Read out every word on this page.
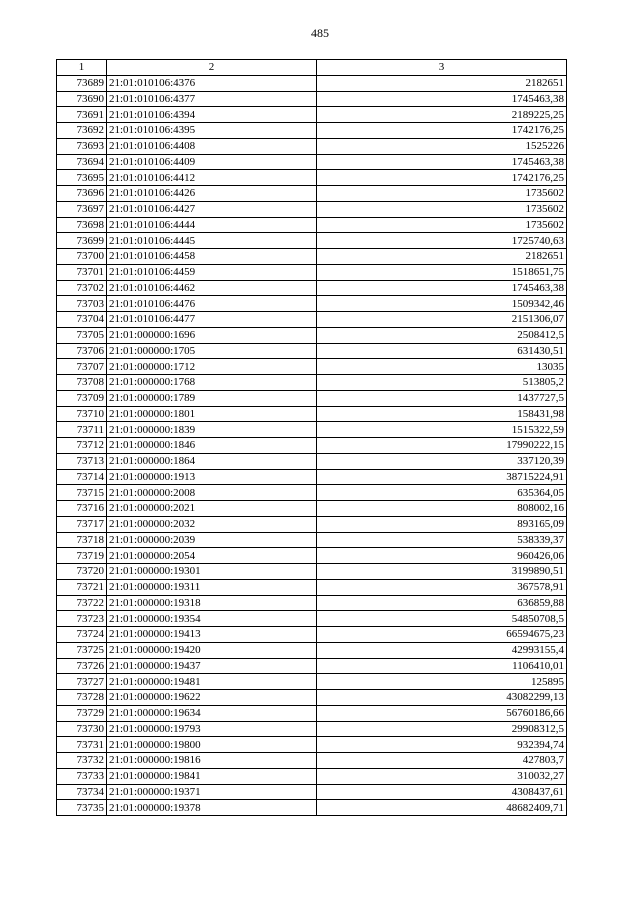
485
1	2	3
73689	21:01:010106:4376	2182651
73690	21:01:010106:4377	1745463,38
73691	21:01:010106:4394	2189225,25
73692	21:01:010106:4395	1742176,25
73693	21:01:010106:4408	1525226
73694	21:01:010106:4409	1745463,38
73695	21:01:010106:4412	1742176,25
73696	21:01:010106:4426	1735602
73697	21:01:010106:4427	1735602
73698	21:01:010106:4444	1735602
73699	21:01:010106:4445	1725740,63
73700	21:01:010106:4458	2182651
73701	21:01:010106:4459	1518651,75
73702	21:01:010106:4462	1745463,38
73703	21:01:010106:4476	1509342,46
73704	21:01:010106:4477	2151306,07
73705	21:01:000000:1696	2508412,5
73706	21:01:000000:1705	631430,51
73707	21:01:000000:1712	13035
73708	21:01:000000:1768	513805,2
73709	21:01:000000:1789	1437727,5
73710	21:01:000000:1801	158431,98
73711	21:01:000000:1839	1515322,59
73712	21:01:000000:1846	17990222,15
73713	21:01:000000:1864	337120,39
73714	21:01:000000:1913	38715224,91
73715	21:01:000000:2008	635364,05
73716	21:01:000000:2021	808002,16
73717	21:01:000000:2032	893165,09
73718	21:01:000000:2039	538339,37
73719	21:01:000000:2054	960426,06
73720	21:01:000000:19301	3199890,51
73721	21:01:000000:19311	367578,91
73722	21:01:000000:19318	636859,88
73723	21:01:000000:19354	54850708,5
73724	21:01:000000:19413	66594675,23
73725	21:01:000000:19420	42993155,4
73726	21:01:000000:19437	1106410,01
73727	21:01:000000:19481	125895
73728	21:01:000000:19622	43082299,13
73729	21:01:000000:19634	56760186,66
73730	21:01:000000:19793	29908312,5
73731	21:01:000000:19800	932394,74
73732	21:01:000000:19816	427803,7
73733	21:01:000000:19841	310032,27
73734	21:01:000000:19371	4308437,61
73735	21:01:000000:19378	48682409,71
